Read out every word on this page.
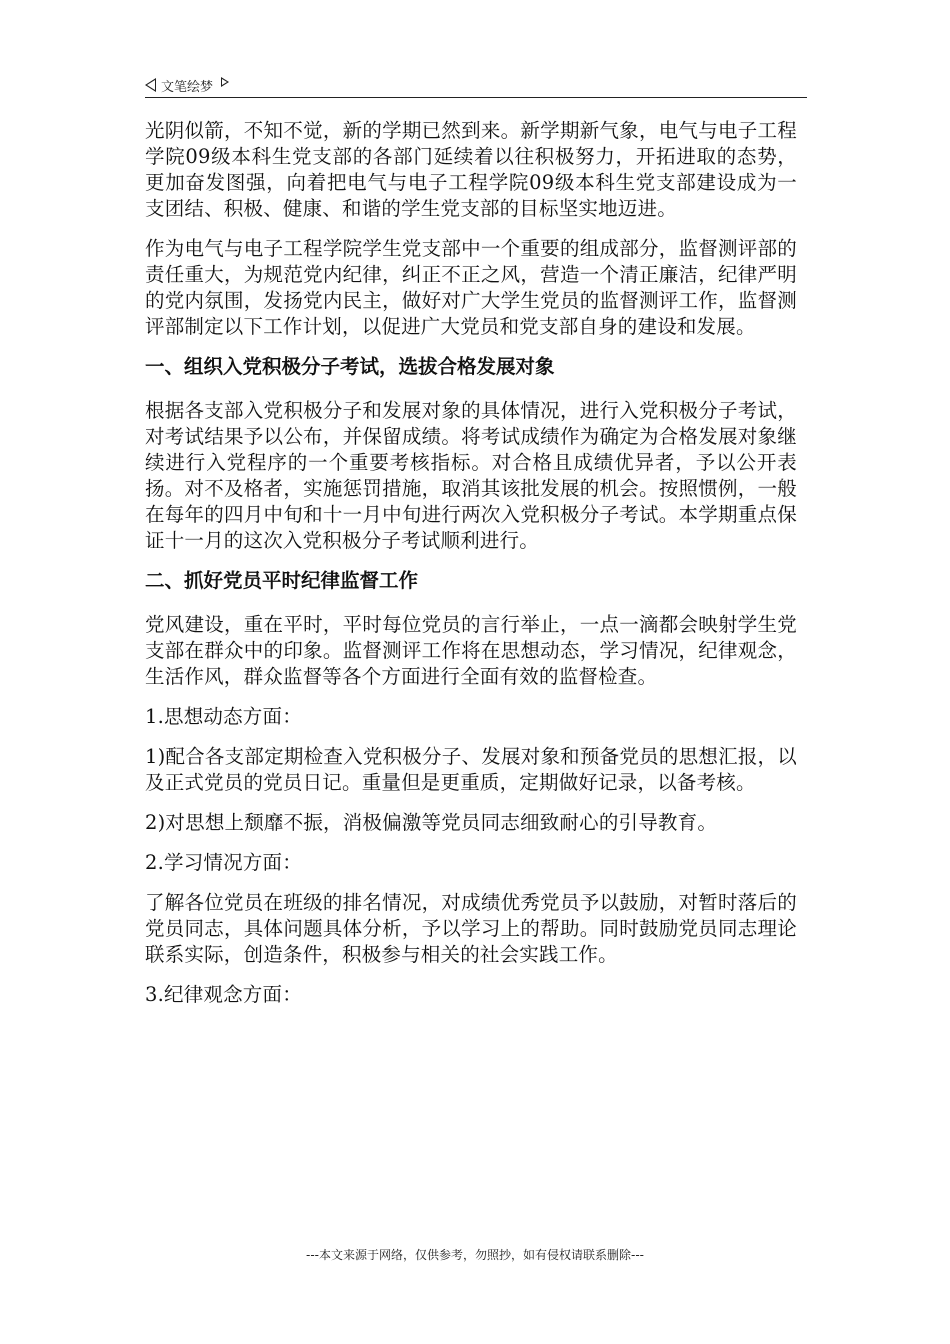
文笔绘梦

光阴似箭，不知不觉，新的学期已然到来。新学期新气象，电气与电子工程学院09级本科生党支部的各部门延续着以往积极努力，开拓进取的态势，更加奋发图强，向着把电气与电子工程学院09级本科生党支部建设成为一支团结、积极、健康、和谐的学生党支部的目标坚实地迈进。

作为电气与电子工程学院学生党支部中一个重要的组成部分，监督测评部的责任重大，为规范党内纪律，纠正不正之风，营造一个清正廉洁，纪律严明的党内氛围，发扬党内民主，做好对广大学生党员的监督测评工作，监督测评部制定以下工作计划，以促进广大党员和党支部自身的建设和发展。

一、组织入党积极分子考试，选拔合格发展对象

根据各支部入党积极分子和发展对象的具体情况，进行入党积极分子考试，对考试结果予以公布，并保留成绩。将考试成绩作为确定为合格发展对象继续进行入党程序的一个重要考核指标。对合格且成绩优异者，予以公开表扬。对不及格者，实施惩罚措施，取消其该批发展的机会。按照惯例，一般在每年的四月中旬和十一月中旬进行两次入党积极分子考试。本学期重点保证十一月的这次入党积极分子考试顺利进行。

二、抓好党员平时纪律监督工作

党风建设，重在平时，平时每位党员的言行举止，一点一滴都会映射学生党支部在群众中的印象。监督测评工作将在思想动态，学习情况，纪律观念，生活作风，群众监督等各个方面进行全面有效的监督检查。

1.思想动态方面：

1)配合各支部定期检查入党积极分子、发展对象和预备党员的思想汇报，以及正式党员的党员日记。重量但是更重质，定期做好记录，以备考核。

2)对思想上颓靡不振，消极偏激等党员同志细致耐心的引导教育。

2.学习情况方面：

了解各位党员在班级的排名情况，对成绩优秀党员予以鼓励，对暂时落后的党员同志，具体问题具体分析，予以学习上的帮助。同时鼓励党员同志理论联系实际，创造条件，积极参与相关的社会实践工作。

3.纪律观念方面：

---本文来源于网络，仅供参考，勿照抄，如有侵权请联系删除---
